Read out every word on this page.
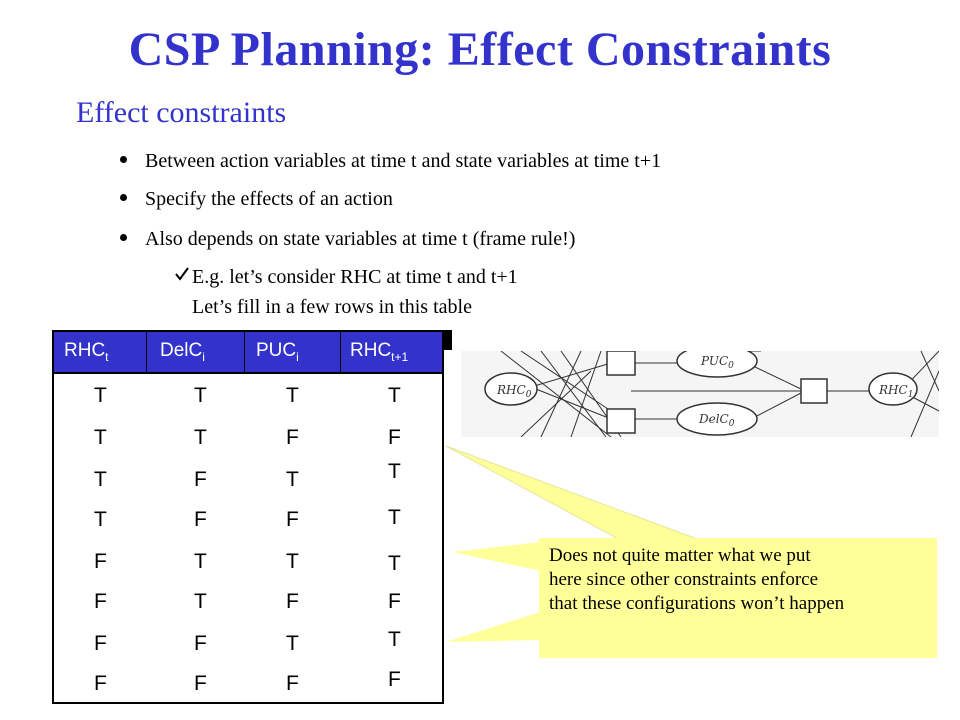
CSP Planning: Effect Constraints
Effect constraints
Between action variables at time t and state variables at time t+1
Specify the effects of an action
Also depends on state variables at time t (frame rule!)
E.g. let’s consider RHC at time t and t+1
Let’s fill in a few rows in this table
$RHC_t$	DelC$_i$	$PUC_i$	$RHC_{t+1}$
T	T	T	T
T	T	F	F
T	F	T	T
T	F	F	T
F	T	T	T
F	T	F	F
F	F	T	T
F	F	F	F
$RHC_0$
$PUC_0$
DelC$_0$
$RHC_1$
Does not quite matter what we put
here since other constraints enforce
that these configurations won’t happen
